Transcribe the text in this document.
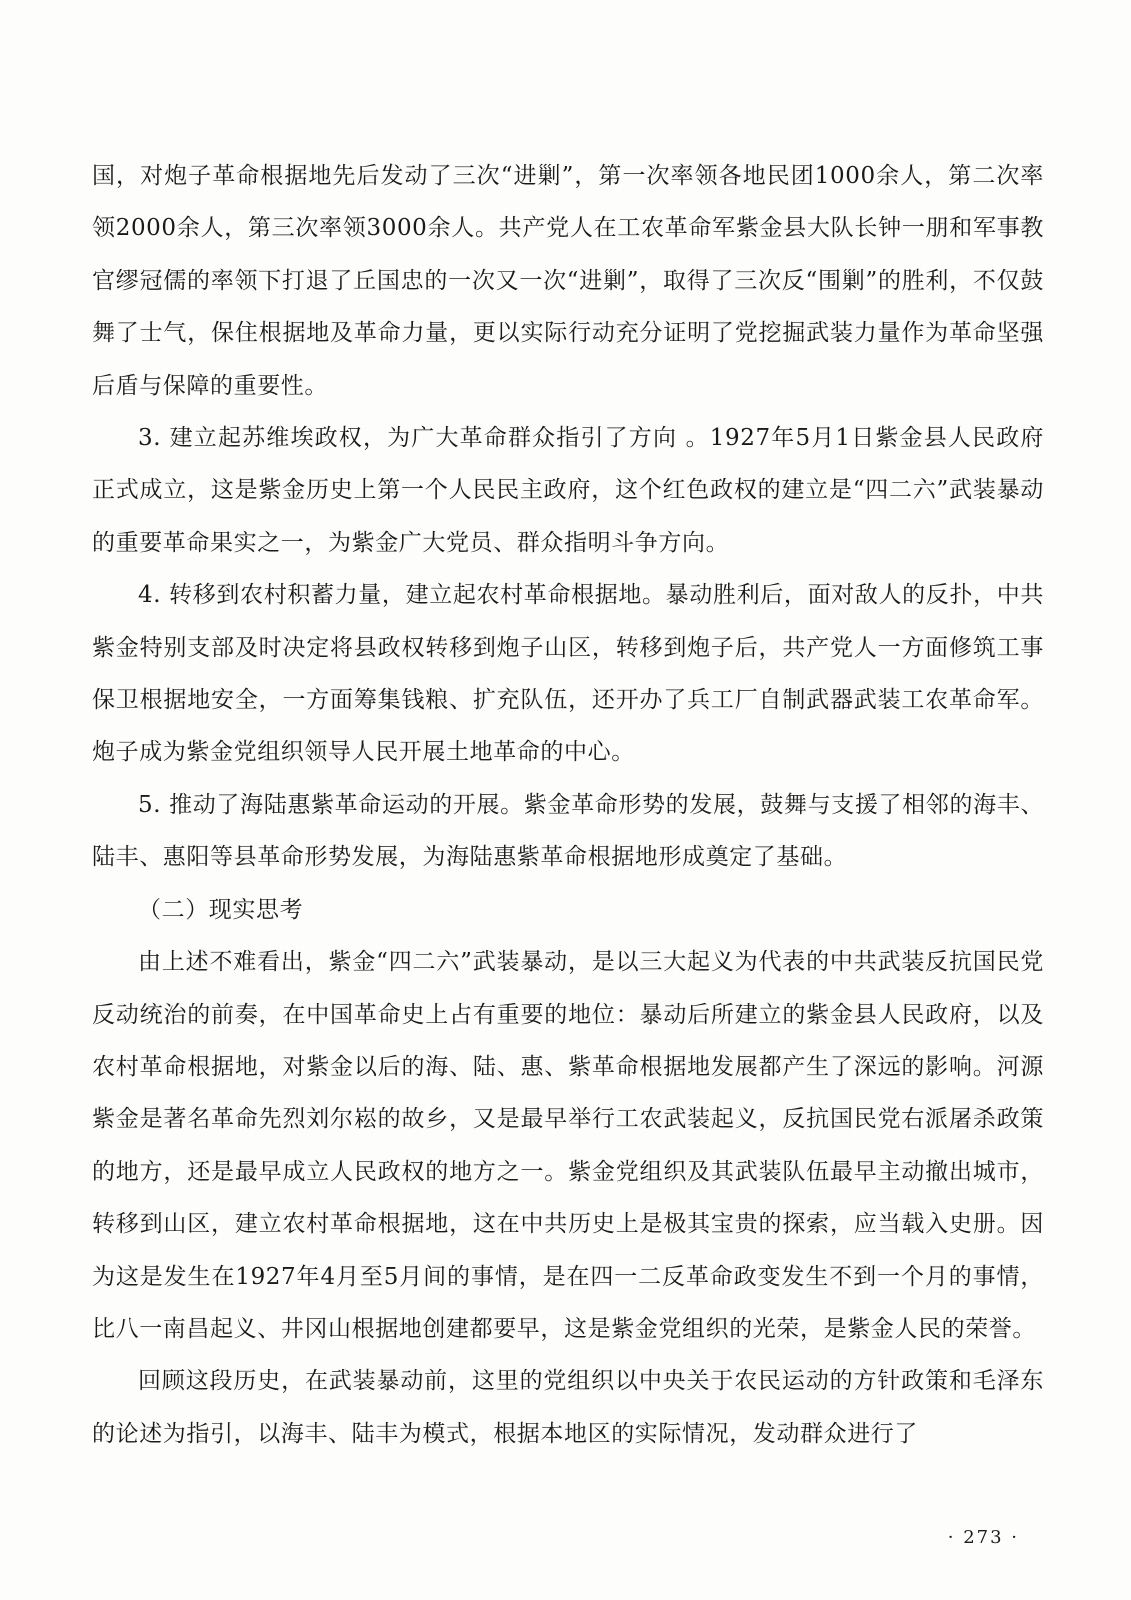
国，对炮子革命根据地先后发动了三次“进剿”，第一次率领各地民团1000余人，第二次率领2000余人，第三次率领3000余人。共产党人在工农革命军紫金县大队长钟一朋和军事教官缪冠儒的率领下打退了丘国忠的一次又一次“进剿”，取得了三次反“围剿”的胜利，不仅鼓舞了士气，保住根据地及革命力量，更以实际行动充分证明了党挖掘武装力量作为革命坚强后盾与保障的重要性。

3. 建立起苏维埃政权，为广大革命群众指引了方向 。1927年5月1日紫金县人民政府正式成立，这是紫金历史上第一个人民民主政府，这个红色政权的建立是“四二六”武装暴动的重要革命果实之一，为紫金广大党员、群众指明斗争方向。

4. 转移到农村积蓄力量，建立起农村革命根据地。暴动胜利后，面对敌人的反扑，中共紫金特别支部及时决定将县政权转移到炮子山区，转移到炮子后，共产党人一方面修筑工事保卫根据地安全，一方面筹集钱粮、扩充队伍，还开办了兵工厂自制武器武装工农革命军。炮子成为紫金党组织领导人民开展土地革命的中心。

5. 推动了海陆惠紫革命运动的开展。紫金革命形势的发展，鼓舞与支援了相邻的海丰、陆丰、惠阳等县革命形势发展，为海陆惠紫革命根据地形成奠定了基础。

（二）现实思考

由上述不难看出，紫金“四二六”武装暴动，是以三大起义为代表的中共武装反抗国民党反动统治的前奏，在中国革命史上占有重要的地位：暴动后所建立的紫金县人民政府，以及农村革命根据地，对紫金以后的海、陆、惠、紫革命根据地发展都产生了深远的影响。河源紫金是著名革命先烈刘尔崧的故乡，又是最早举行工农武装起义，反抗国民党右派屠杀政策的地方，还是最早成立人民政权的地方之一。紫金党组织及其武装队伍最早主动撤出城市，转移到山区，建立农村革命根据地，这在中共历史上是极其宝贵的探索，应当载入史册。因为这是发生在1927年4月至5月间的事情，是在四一二反革命政变发生不到一个月的事情，比八一南昌起义、井冈山根据地创建都要早，这是紫金党组织的光荣，是紫金人民的荣誉。

回顾这段历史，在武装暴动前，这里的党组织以中央关于农民运动的方针政策和毛泽东的论述为指引，以海丰、陆丰为模式，根据本地区的实际情况，发动群众进行了

· 273 ·
